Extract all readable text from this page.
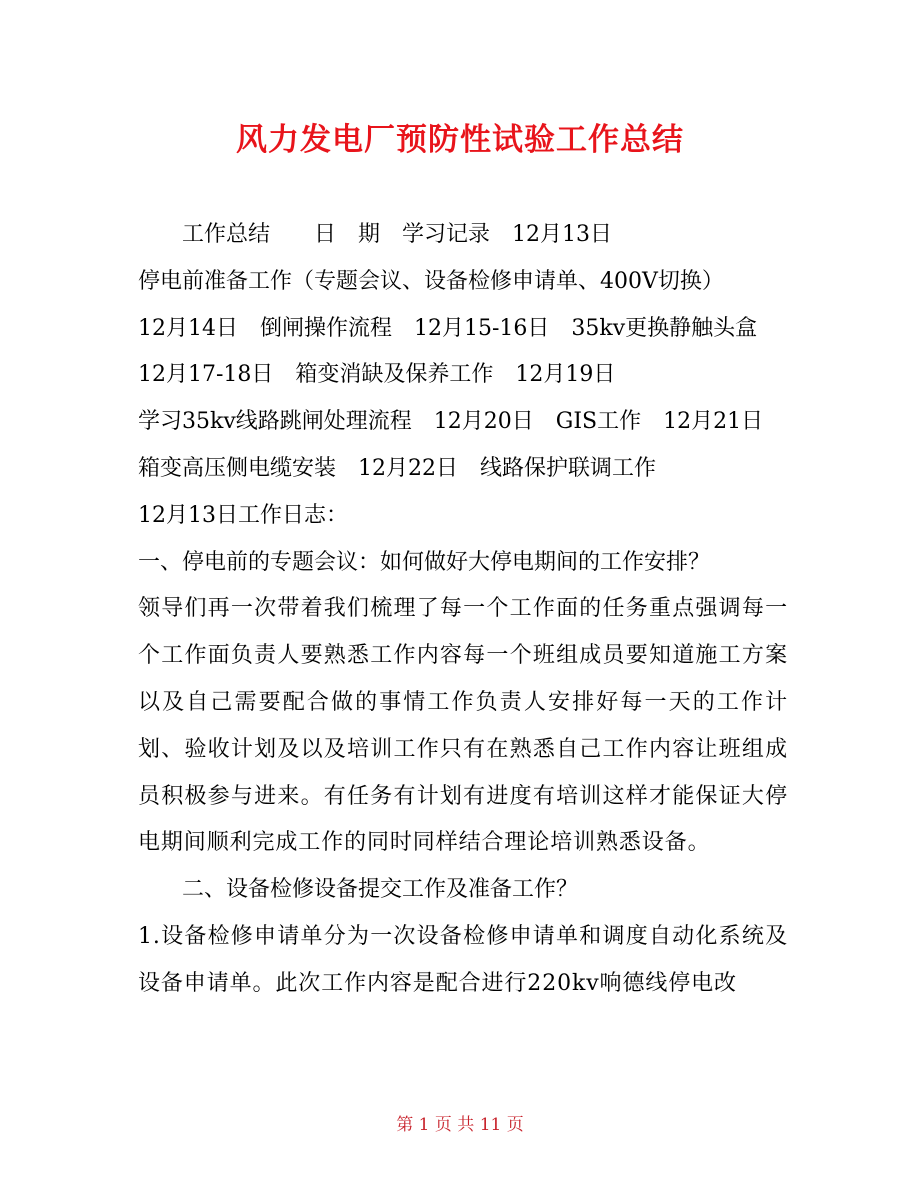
风力发电厂预防性试验工作总结
工作总结　　日　期　学习记录　12月13日
停电前准备工作（专题会议、设备检修申请单、400V切换）
12月14日　倒闸操作流程　12月15-16日　35kv更换静触头盒
12月17-18日　箱变消缺及保养工作　12月19日
学习35kv线路跳闸处理流程　12月20日　GIS工作　12月21日
箱变高压侧电缆安装　12月22日　线路保护联调工作
12月13日工作日志：
一、停电前的专题会议：如何做好大停电期间的工作安排？
领导们再一次带着我们梳理了每一个工作面的任务重点强调每一个工作面负责人要熟悉工作内容每一个班组成员要知道施工方案以及自己需要配合做的事情工作负责人安排好每一天的工作计划、验收计划及以及培训工作只有在熟悉自己工作内容让班组成员积极参与进来。有任务有计划有进度有培训这样才能保证大停电期间顺利完成工作的同时同样结合理论培训熟悉设备。
二、设备检修设备提交工作及准备工作？
1.设备检修申请单分为一次设备检修申请单和调度自动化系统及设备申请单。此次工作内容是配合进行220kv响德线停电改
第 1 页 共 11 页
